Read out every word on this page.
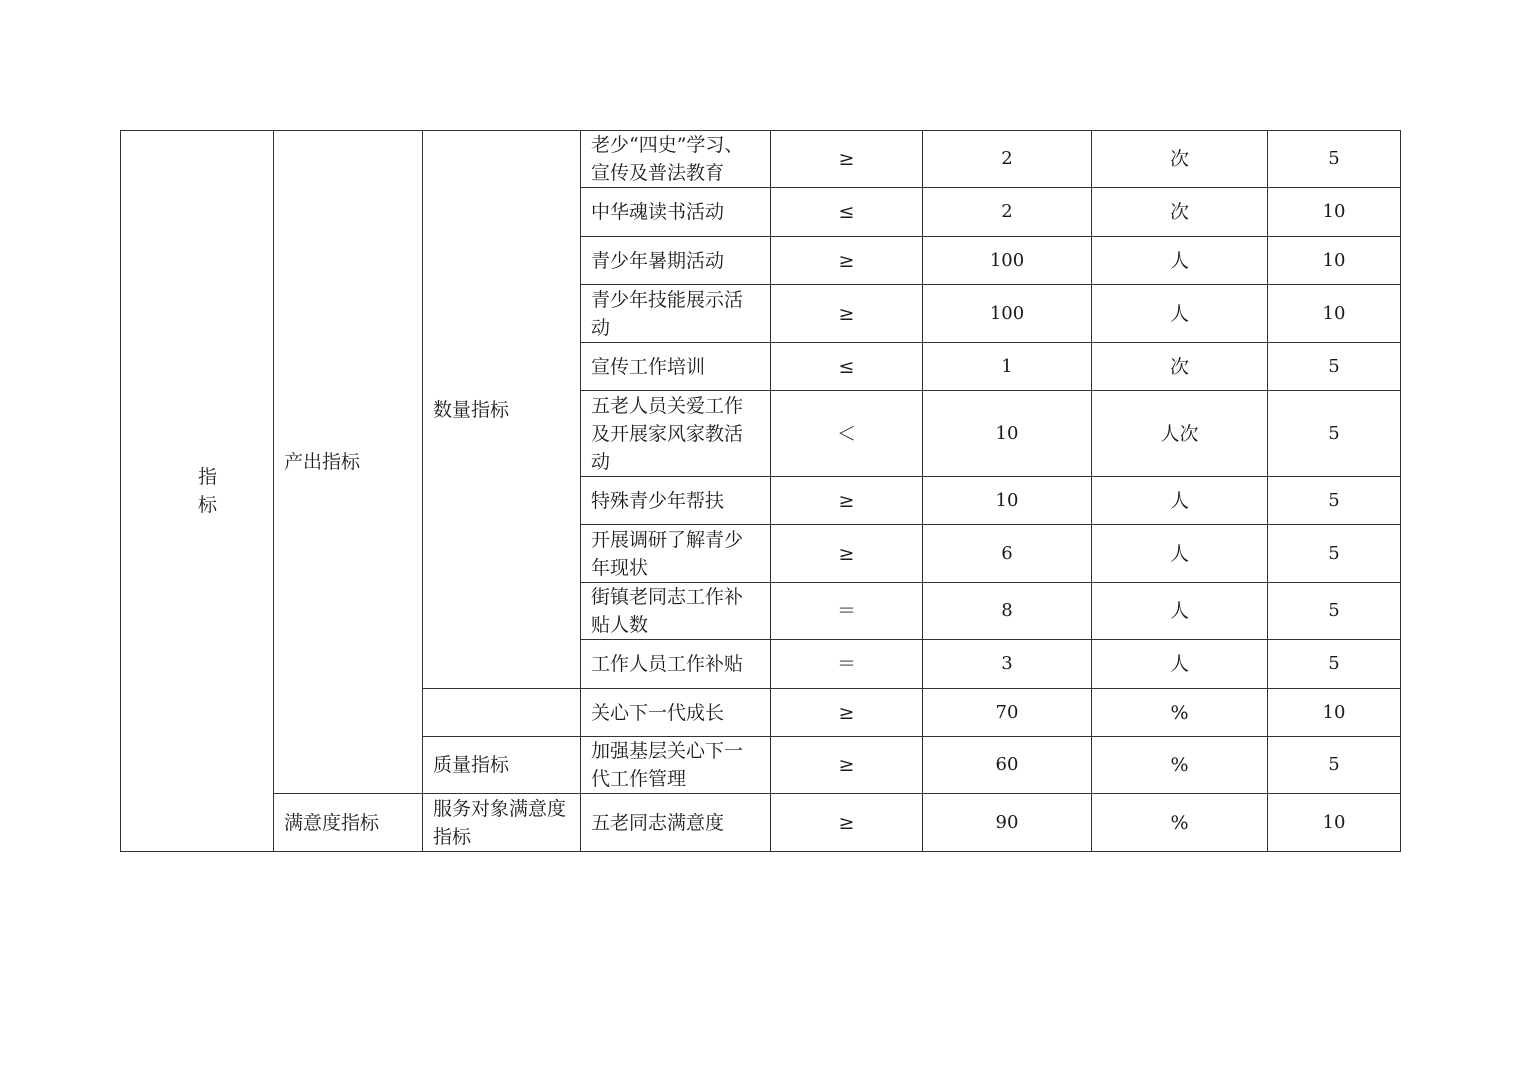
指
标	产出指标	数量指标	老少“四史”学习、宣传及普法教育	≥	2	次	5
			中华魂读书活动	≤	2	次	10
			青少年暑期活动	≥	100	人	10
			青少年技能展示活动	≥	100	人	10
			宣传工作培训	≤	1	次	5
			五老人员关爱工作及开展家风家教活动	＜	10	人次	5
			特殊青少年帮扶	≥	10	人	5
			开展调研了解青少年现状	≥	6	人	5
			街镇老同志工作补贴人数	＝	8	人	5
			工作人员工作补贴	＝	3	人	5
			关心下一代成长	≥	70	%	10
		质量指标	加强基层关心下一代工作管理	≥	60	%	5
	满意度指标	服务对象满意度指标	五老同志满意度	≥	90	%	10
